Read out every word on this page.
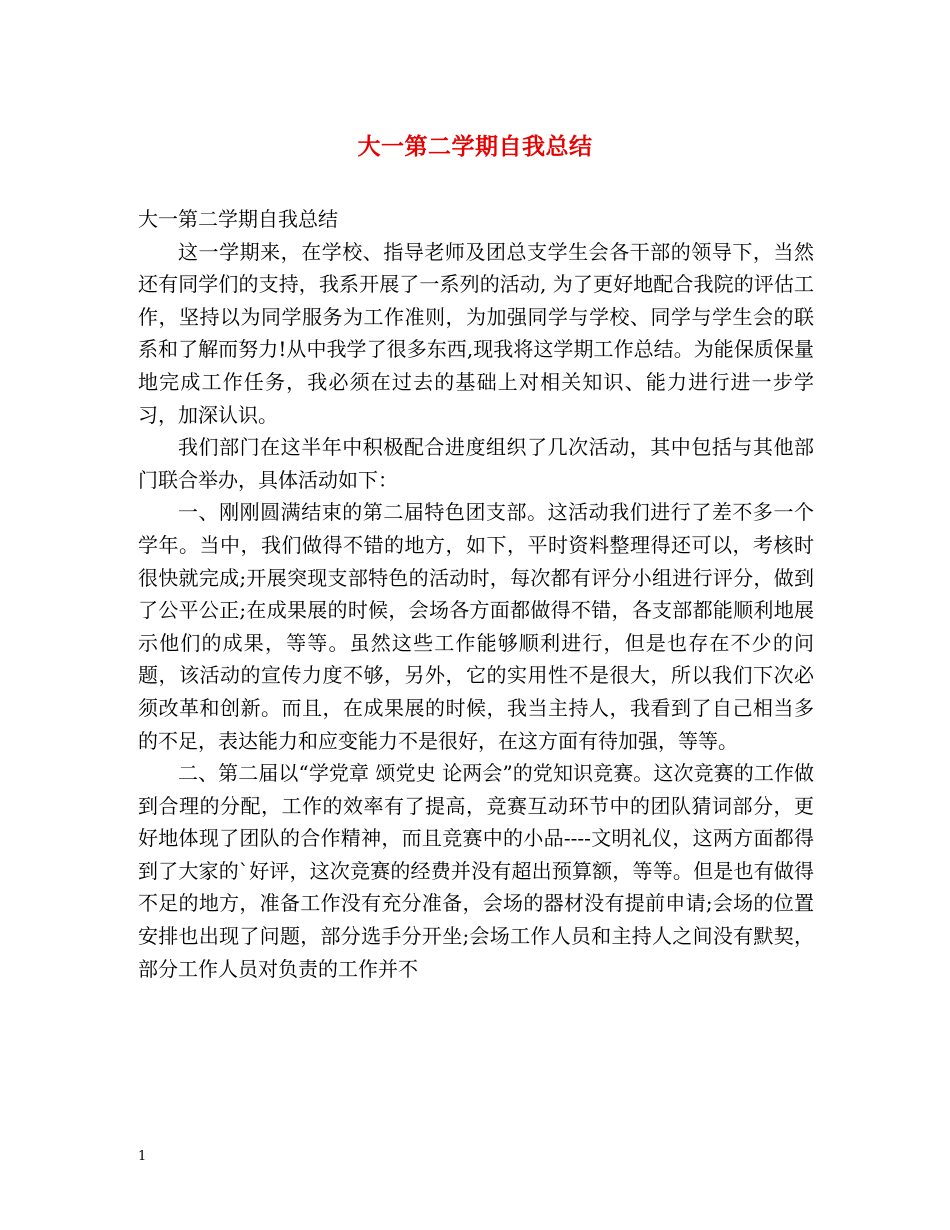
大一第二学期自我总结

大一第二学期自我总结

这一学期来，在学校、指导老师及团总支学生会各干部的领导下，当然还有同学们的支持，我系开展了一系列的活动, 为了更好地配合我院的评估工作，坚持以为同学服务为工作准则，为加强同学与学校、同学与学生会的联系和了解而努力!从中我学了很多东西,现我将这学期工作总结。为能保质保量地完成工作任务，我必须在过去的基础上对相关知识、能力进行进一步学习，加深认识。

我们部门在这半年中积极配合进度组织了几次活动，其中包括与其他部门联合举办，具体活动如下：

一、刚刚圆满结束的第二届特色团支部。这活动我们进行了差不多一个学年。当中，我们做得不错的地方，如下，平时资料整理得还可以，考核时很快就完成;开展突现支部特色的活动时，每次都有评分小组进行评分，做到了公平公正;在成果展的时候，会场各方面都做得不错，各支部都能顺利地展示他们的成果，等等。虽然这些工作能够顺利进行，但是也存在不少的问题，该活动的宣传力度不够，另外，它的实用性不是很大，所以我们下次必须改革和创新。而且，在成果展的时候，我当主持人，我看到了自己相当多的不足，表达能力和应变能力不是很好，在这方面有待加强，等等。

二、第二届以“学党章 颂党史 论两会”的党知识竞赛。这次竞赛的工作做到合理的分配，工作的效率有了提高，竞赛互动环节中的团队猜词部分，更好地体现了团队的合作精神，而且竞赛中的小品----文明礼仪，这两方面都得到了大家的`好评，这次竞赛的经费并没有超出预算额，等等。但是也有做得不足的地方，准备工作没有充分准备，会场的器材没有提前申请;会场的位置安排也出现了问题，部分选手分开坐;会场工作人员和主持人之间没有默契，部分工作人员对负责的工作并不

1
